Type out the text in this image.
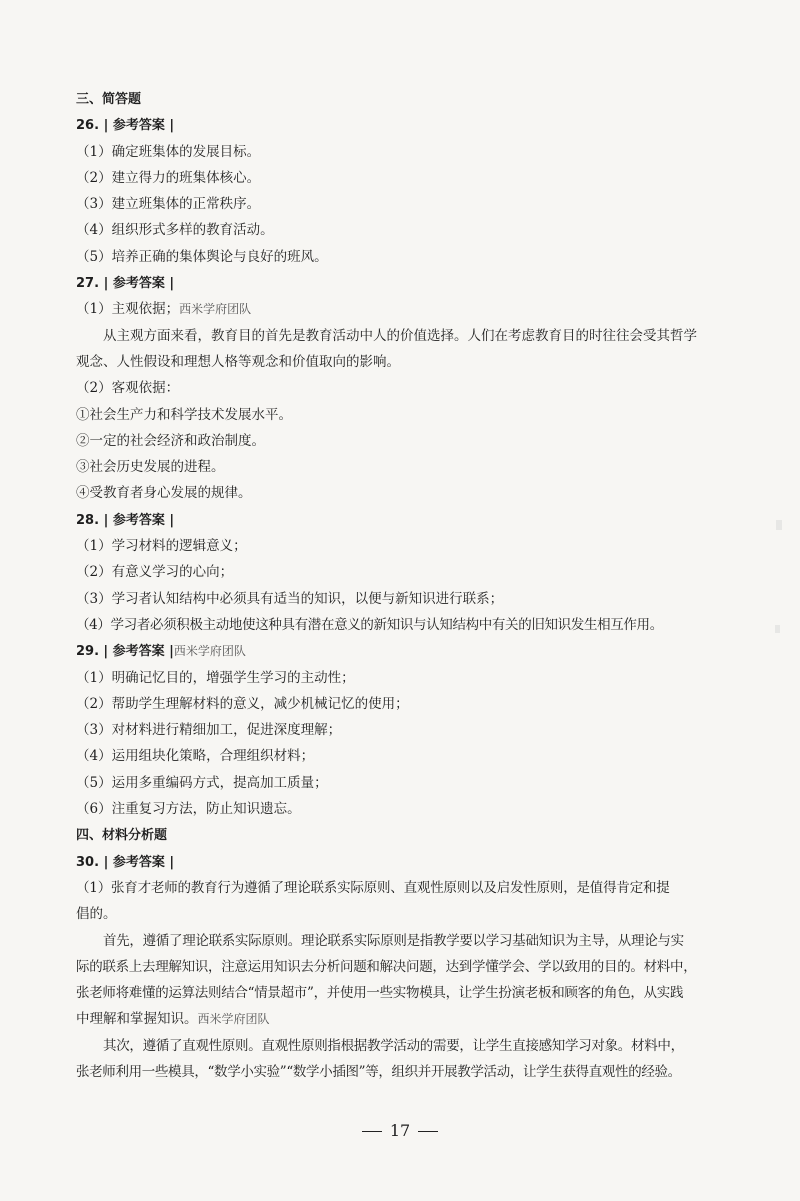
三、简答题
26. | 参考答案 |
（1）确定班集体的发展目标。
（2）建立得力的班集体核心。
（3）建立班集体的正常秩序。
（4）组织形式多样的教育活动。
（5）培养正确的集体舆论与良好的班风。
27. | 参考答案 |
（1）主观依据；西米学府团队
从主观方面来看，教育目的首先是教育活动中人的价值选择。人们在考虑教育目的时往往会受其哲学
观念、人性假设和理想人格等观念和价值取向的影响。
（2）客观依据：
①社会生产力和科学技术发展水平。
②一定的社会经济和政治制度。
③社会历史发展的进程。
④受教育者身心发展的规律。
28. | 参考答案 |
（1）学习材料的逻辑意义；
（2）有意义学习的心向；
（3）学习者认知结构中必须具有适当的知识，以便与新知识进行联系；
（4）学习者必须积极主动地使这种具有潜在意义的新知识与认知结构中有关的旧知识发生相互作用。
29. | 参考答案 |西米学府团队
（1）明确记忆目的，增强学生学习的主动性；
（2）帮助学生理解材料的意义，减少机械记忆的使用；
（3）对材料进行精细加工，促进深度理解；
（4）运用组块化策略，合理组织材料；
（5）运用多重编码方式，提高加工质量；
（6）注重复习方法，防止知识遗忘。
四、材料分析题
30. | 参考答案 |
（1）张育才老师的教育行为遵循了理论联系实际原则、直观性原则以及启发性原则，是值得肯定和提
倡的。
首先，遵循了理论联系实际原则。理论联系实际原则是指教学要以学习基础知识为主导，从理论与实
际的联系上去理解知识，注意运用知识去分析问题和解决问题，达到学懂学会、学以致用的目的。材料中，
张老师将难懂的运算法则结合“情景超市”，并使用一些实物模具，让学生扮演老板和顾客的角色，从实践
中理解和掌握知识。西米学府团队
其次，遵循了直观性原则。直观性原则指根据教学活动的需要，让学生直接感知学习对象。材料中，
张老师利用一些模具，“数学小实验”“数学小插图”等，组织并开展教学活动，让学生获得直观性的经验。
17
